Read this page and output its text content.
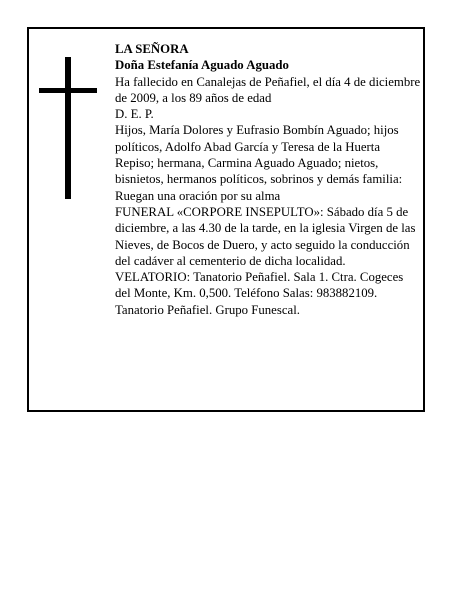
LA SEÑORA

Doña Estefanía Aguado Aguado

Ha fallecido en Canalejas de Peñafiel, el día 4 de diciembre de 2009, a los 89 años de edad

D. E. P.

Hijos, María Dolores y Eufrasio Bombín Aguado; hijos políticos, Adolfo Abad García y Teresa de la Huerta Repiso; hermana, Carmina Aguado Aguado; nietos, bisnietos, hermanos políticos, sobrinos y demás familia:

Ruegan una oración por su alma

FUNERAL «CORPORE INSEPULTO»: Sábado día 5 de diciembre, a las 4.30 de la tarde, en la iglesia Virgen de las Nieves, de Bocos de Duero, y acto seguido la conducción del cadáver al cementerio de dicha localidad.

VELATORIO: Tanatorio Peñafiel. Sala 1. Ctra. Cogeces del Monte, Km. 0,500. Teléfono Salas: 983882109.

Tanatorio Peñafiel. Grupo Funescal.
